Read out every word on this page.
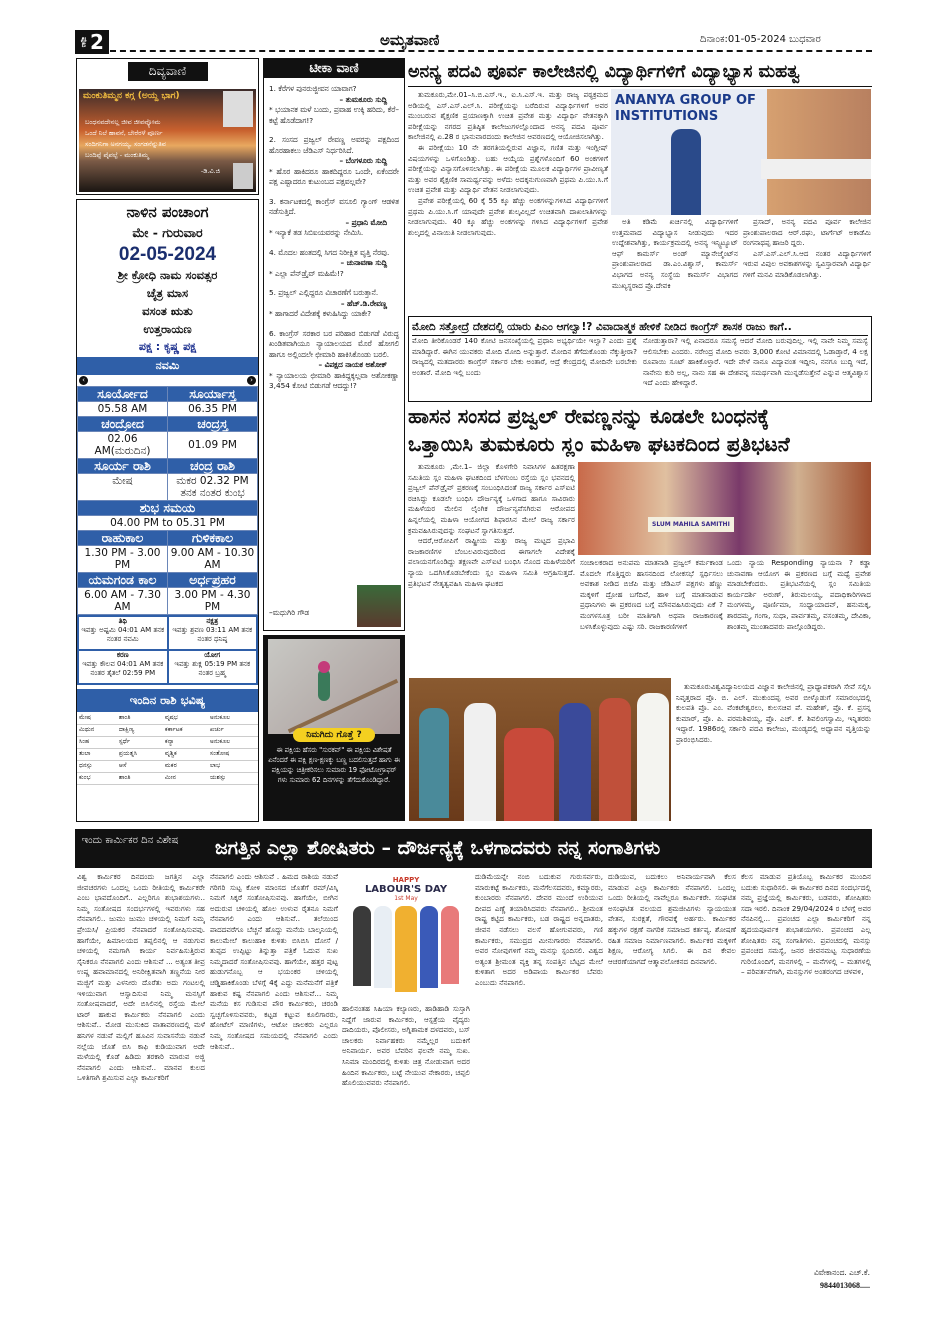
ಪುಟ 2	ಅಮೃತವಾಣಿ	ದಿನಾಂಕ:01-05-2024 ಬುಧವಾರ
ದಿವ್ಯವಾಣಿ
ಮಂಕುತಿಮ್ಮನ ಕಗ್ಗ (ಅಯ್ದ ಭಾಗ)
ಬಂಧನವದೇನಲ್ಲ ಜೀವ ಜೀವವ್ಯೋಮ
ಒಂದೆ ನಿಲೆ ಹಾವನೆ, ಬೇರೆರಳೆ ಪೂರ್ಣ
ಸಂದಿಗನಿಗಾ ಅನಗಯ್ಯ, ಸಂಗಡನೆನ್ನುತಿವ
ಬಂದಿಪ್ಪೆ ಪೈಪಲ್ಪೆ - ಮಂಕುತಿಮ್ಮ
-ಡಿ.ವಿ.ಜಿ
ನಾಳಿನ ಪಂಚಾಂಗ
ಮೇ - ಗುರುವಾರ
02-05-2024
ಶ್ರೀ ಕ್ರೋಧಿ ನಾಮ ಸಂವತ್ಸರ
ಚೈತ್ರ ಮಾಸ
ವಸಂತ ಋತು
ಉತ್ತರಾಯಣ
ಪಕ್ಷ : ಕೃಷ್ಣ ಪಕ್ಷ
ನವಮಿ
‹	›
ಸೂರ್ಯೋದ	ಸೂರ್ಯಾಸ್ತ
05.58 AM	06.35 PM
ಚಂದ್ರೋದ	ಚಂದ್ರಸ್ತ
02.06 AM(ಮರುದಿನ)	01.09 PM
ಸೂರ್ಯ ರಾಶಿ	ಚಂದ್ರ ರಾಶಿ
ಮೇಷ	ಮಕರ 02.32 PM ತನಕ ನಂತರ ಕುಂಭ
ಶುಭ ಸಮಯ	
04.00 PM to 05.31 PM	
ರಾಹುಕಾಲ	ಗುಳಿಕಕಾಲ
1.30 PM - 3.00 PM	9.00 AM - 10.30 AM
ಯಮಗಂಡ ಕಾಲ	ಅರ್ಧಪ್ರಹರ
6.00 AM - 7.30 AM	3.00 PM - 4.30 PM
ತಿಥಿ
ಇವತ್ತು ಅಷ್ಟಮಿ 04:01 AM ತನಕ ನಂತರ ನವಮಿ
ನಕ್ಷತ್ರ
ಇವತ್ತು ಶ್ರವಣ 03:11 AM ತನಕ ನಂತರ ಧನಿಷ್ಠ
ಕರಣ
ಇವತ್ತು ಕೌಲವ 04:01 AM ತನಕ ನಂತರ ತೈತಲೆ 02:59 PM
ಯೋಗ
ಇವತ್ತು ಶುಕ್ಲ 05:19 PM ತನಕ ನಂತರ ಬ್ರಹ್ಮ
ಇಂದಿನ ರಾಶಿ ಭವಿಷ್ಯ
ಮೇಷ	ಶಾಂತಿ	ವೃಷಭ	ಅನುಕೂಲ
ಮಿಥುನ	ದಾಕ್ಷಿಣ್ಯ	ಕರ್ಕಾಟಕ	ಖರ್ಚು
ಸಿಂಹ	ಸ್ಪರ್ಧೆ	ಕನ್ಯಾ	ಅನುಕೂಲ
ತುಲಾ	ಪ್ರಯತ್ನಸಿ	ವೃಶ್ಚಿಕ	ಸಂತೋಷ
ಧನಸ್ಸು	ಆಸೆ	ಮಕರ	ಲಾಭ
ಕುಂಭ	ಶಾಂತಿ	ಮೀನ	ಯಶಸ್ಸು
ಟೀಕಾ ವಾಣಿ
1. ಕೆರೆಗಳ ಪುನರುಜ್ಜೀವನ ಯಾವಾಗ?
– ತುಮಕೂರು ಸುದ್ದಿ
* ಭಯಾನಕ ಮಳೆ ಬಂದು, ಪ್ರವಾಹ ಉಕ್ಕಿ ಹರಿದು, ಕೆರೆ–ಕಟ್ಟೆ ಹೊಡೆದಾಗ!?
2. ಸಂಸದ ಪ್ರಜ್ವಲ್ ರೇವಣ್ಣ ಅವರನ್ನು ಪಕ್ಷದಿಂದ ಹೊರಹಾಕಲು ಜೆಡಿಎಸ್ ನಿರ್ಧರಿಸಿದೆ.
– ಬೆಂಗಳೂರು ಸುದ್ದಿ
* ಹೊರ ಹಾಕಿದರೂ ಹಾಕದಿದ್ದರೂ ಒಂದೇ, ಏಕೆಂದರೇ ಪಕ್ಷ ಎಷ್ಟಾದರೂ ಕುಟುಂಬದ ಪಕ್ಷವಲ್ಲವೇ?
3. ಕರ್ನಾಟಕದಲ್ಲಿ ಕಾಂಗ್ರೆಸ್ ವಸೂಲಿ ಗ್ಯಾಂಗ್ ಆಡಳಿತ ನಡೆಸುತ್ತಿದೆ.
– ಪ್ರಧಾನಿ ಮೋದಿ
* ಇನ್ಯಾಕೆ ತಡ ಸಿಬಿಐಯವರನ್ನು ನೇಮಿಸಿ.
4. ಮೊದಲ ಹಂತದಲ್ಲಿ ಸಿಗದ ನಿರೀಕ್ಷಿತ ವೃತ್ತಿ ನೆರವು.
– ಚುನಾವಣಾ ಸುದ್ದಿ
* ಎಲ್ಲಾ ಪೆನ್‌ಡ್ರೈವ್ ಮಹಿಮೆ!?
5. ಪ್ರಜ್ವಲ್ ಎಲ್ಲಿದ್ದರೂ ವಿಚಾರಣೆಗೆ ಬರುತ್ತಾನೆ.
– ಹೆಚ್.ಡಿ.ರೇವಣ್ಣ
* ಹಾಗಾದರೆ ವಿದೇಶಕ್ಕೆ ಕಳುಹಿಸಿದ್ದು ಯಾಕೇ?
6. ಕಾಂಗ್ರೆಸ್ ಸರಕಾರ ಬರ ಪರಿಹಾರ ಬಿಡುಗಡೆ ವಿರುದ್ಧ ಖಂಡಿತವಾಗಿಯೂ ನ್ಯಾಯಾಲಯದ ಮೊರೆ ಹೋಗಲಿ ಹಾಗೂ ಅಲ್ಲಿಂದಲೇ ಛೀಮಾರಿ ಹಾಕಿಸಿಕೊಂಡು ಬರಲಿ.
– ವಿಪಕ್ಷದ ನಾಯಕ ಅಶೋಕ್
* ನ್ಯಾಯಾಲಯ ಛೀಮಾರಿ ಹಾಕಿದ್ದಕ್ಕಲ್ಲವಾ ಅಶೋಕಣ್ಣಾ 3,454 ಕೋಟಿ ಬಿಡುಗಡೆ ಆದದ್ದು!?
–ಮಧುಗಿರಿ ಗೌಡ
ನಿಮಗಿದು ಗೊತ್ತೆ ?
ಈ ಪಕ್ಷಿಯ ಹೆಸರು "ಸುರಕವ್" ಈ ಪಕ್ಷಿಯ ವಿಶೇಷತೆ ಏನೆಂದರೆ ಈ ಪಕ್ಷಿ ಕ್ಷಣ-ಕ್ಷಣಕ್ಕು ಬಣ್ಣ ಬದಲಿಸುತ್ತದೆ ಹಾಗು ಈ ಪಕ್ಷಿಯನ್ನು ಚಿತ್ರೀಕರಿಸಲು ಸುಮಾರು 19 ಫೋಟೋಗ್ರಾಫರ್ ಗಳು ಸುಮಾರು 62 ದಿನಗಳನ್ನು ತೆಗೆದುಕೊಂಡಿದ್ದಾರೆ.
ಅನನ್ಯ ಪದವಿ ಪೂರ್ವ ಕಾಲೇಜಿನಲ್ಲಿ ವಿದ್ಯಾರ್ಥಿಗಳಿಗೆ ವಿದ್ಯಾಭ್ಯಾಸ ಮಹತ್ವ

ತುಮಕೂರು,ಮೇ.01–ಸಿ.ಬಿ.ಎಸ್.ಇ., ಐ.ಸಿ.ಎಸ್.ಇ. ಮತ್ತು ರಾಜ್ಯ ಪಠ್ಯಕ್ರಮದ ಅಡಿಯಲ್ಲಿ ಎಸ್.ಎಸ್.ಎಲ್.ಸಿ. ಪರೀಕ್ಷೆಯನ್ನು ಬರೆದಿರುವ ವಿದ್ಯಾರ್ಥಿಗಳಿಗೆ ಅವರ ಮುಂಬರುವ ಶೈಕ್ಷಣಿಕ ಪ್ರಯಾಣಕ್ಕಾಗಿ ಉಚಿತ ಪ್ರವೇಶ ಮತ್ತು ವಿದ್ಯಾರ್ಥಿ ವೇತನಕ್ಕಾಗಿ ಪರೀಕ್ಷೆಯನ್ನು ನಗರದ ಪ್ರತಿಷ್ಠಿತ ಕಾಲೇಜುಗಳಲ್ಲೊಂದಾದ ಅನನ್ಯ ಪದವಿ ಪೂರ್ವ ಕಾಲೇಜಿನಲ್ಲಿ ಏ.28 ರ ಭಾನುವಾರದಂದು ಕಾಲೇಜಿನ ಆವರಣದಲ್ಲಿ ಆಯೋಜಿಸಲಾಗಿತ್ತು.

ಈ ಪರೀಕ್ಷೆಯು 10 ನೇ ತರಗತಿಯಲ್ಲಿರುವ ವಿಜ್ಞಾನ, ಗಣಿತ ಮತ್ತು ಇಂಗ್ಲೀಷ್ ವಿಷಯಗಳನ್ನು ಒಳಗೊಂಡಿತ್ತು. ಬಹು ಆಯ್ಕೆಯ ಪ್ರಶ್ನೆಗಳೊಂದಿಗೆ 60 ಅಂಕಗಳಿಗೆ ಪರೀಕ್ಷೆಯನ್ನು ವಿನ್ಯಾಸಗೊಳಿಸಲಾಗಿತ್ತು. ಈ ಪರೀಕ್ಷೆಯ ಮೂಲಕ ವಿದ್ಯಾರ್ಥಿಗಳ ಪ್ರಾವೀಣ್ಯತೆ ಮತ್ತು ಅವರ ಶೈಕ್ಷಣಿಕ ಸಾಮರ್ಥ್ಯವನ್ನು ಅಳೆದು ಅದಕ್ಕನುಗುಣವಾಗಿ ಪ್ರಥಮ ಪಿ.ಯು.ಸಿ.ಗೆ ಉಚಿತ ಪ್ರವೇಶ ಮತ್ತು ವಿದ್ಯಾರ್ಥಿ ವೇತನ ನೀಡಲಾಗುವುದು.

ಪ್ರವೇಶ ಪರೀಕ್ಷೆಯಲ್ಲಿ 60 ಕ್ಕೆ 55 ಕ್ಕೂ ಹೆಚ್ಚು ಅಂಕಗಳನ್ನುಗಳಿಸಿದ ವಿದ್ಯಾರ್ಥಿಗಳಿಗೆ ಪ್ರಥಮ ಪಿ.ಯು.ಸಿ.ಗೆ ಯಾವುದೇ ಪ್ರವೇಶ ಶುಲ್ಕವಿಲ್ಲದೆ ಉಚಿತವಾಗಿ ದಾಖಲಾತಿಗಳನ್ನು ನೀಡಲಾಗುವುದು. 40 ಕ್ಕೂ ಹೆಚ್ಚು ಅಂಕಗಳನ್ನು ಗಳಿಸಿದ ವಿದ್ಯಾರ್ಥಿಗಳಿಗೆ ಪ್ರವೇಶ ಶುಲ್ಕದಲ್ಲಿ ವಿನಾಯಿತಿ ನೀಡಲಾಗುವುದು.

ANANYA GROUP OF INSTITUTIONS

ಅತಿ ಕಡಿಮೆ ಖರ್ಚಿನಲ್ಲಿ ವಿದ್ಯಾರ್ಥಿಗಳಿಗೆ ಉತ್ತಮವಾದ ವಿದ್ಯಾಭ್ಯಾಸ ನೀಡುವುದು ಇದರ ಉದ್ದೇಶವಾಗಿತ್ತು, ಕಾರ್ಯಕ್ರಮದಲ್ಲಿ ಅನನ್ಯ ಇನ್ಸ್ಟಿಟ್ಯೂಟ್ ಆಫ್ ಕಾಮರ್ಸ್ ಅಂಡ್ ಮ್ಯಾನೇಜ್ಮೆಂಟ್‌ನ ಪ್ರಾಂಶುಪಾಲರಾದ ಡಾ.ಎಂ.ವಿಶ್ವಾಸ್, ಕಾಮರ್ಸ್ ವಿಭಾಗದ ಅನನ್ಯ ಸಂಸ್ಥೆಯ ಕಾಮರ್ಸ್ ವಿಭಾಗದ ಮುಖ್ಯಸ್ಥರಾದ ಪ್ರೊ.ದೇವಕಿ

ಪ್ರಸಾದ್, ಅನನ್ಯ ಪದವಿ ಪೂರ್ವ ಕಾಲೇಜಿನ ಪ್ರಾಂಶುಪಾಲರಾದ ಆರ್.ರಘು, ಟಾರ್ಗೆಟ್ ಅಕಾಡೆಮಿ ರಂಗನಾಥಪ್ಪ ಹಾಜರಿ ದ್ದರು.

ಎಸ್.ಎಸ್.ಎಲ್.ಸಿ.ಆದ ನಂತರ ವಿದ್ಯಾರ್ಥಿಗಳಿಗೆ ಇರುವ ವಿಪುಲ ಅವಕಾಶಗಳನ್ನು ಸ್ವವಿಸ್ತಾರವಾಗಿ ವಿದ್ಯಾರ್ಥಿ ಗಳಿಗೆ ಮನವಿ ಮಾಡಿಕೊಡಲಾಗಿತ್ತು.

ಮೋದಿ ಸತ್ತೋದ್ರೆ ದೇಶದಲ್ಲಿ ಯಾರು ಪಿಎಂ ಆಗಲ್ವಾ!? ವಿವಾದಾತ್ಮಕ ಹೇಳಿಕೆ ನೀಡಿದ ಕಾಂಗ್ರೆಸ್ ಶಾಸಕ ರಾಜು ಕಾಗೆ..
ಮೋದಿ ತೀರಿಕೊಂಡರೆ 140 ಕೋಟಿ ಜನಸಂಖ್ಯೆಯಲ್ಲಿ ಪ್ರಧಾನಿ ಅಭ್ಯರ್ಥಿಯೇ ಇಲ್ವಾ? ಎಂದು ಪ್ರಶ್ನೆ ಮಾಡಿದ್ದಾರೆ. ಈಗಿನ ಯುವಕರು ಮೋದಿ ಮೋದಿ ಅನ್ನುತ್ತಾರೆ. ಮೋದಿನ ತೆಗೆದುಕೊಂಡು ನೆಕ್ಕುತ್ತೀರಾ? ರಾಜ್ಯದಲ್ಲಿ ಮತದಾರರು ಕಾಂಗ್ರೆಸ್ ಸರ್ಕಾರ ಬೇಕು ಅಂತಾರೆ, ಆದ್ರೆ ಕೇಂದ್ರದಲ್ಲಿ ಮೋದಿನೇ ಬರಬೇಕು ಅಂತಾರೆ. ಮೋದಿ ಇಲ್ಲಿ ಬಂದು
ನೋಡುತ್ತಾರಾ? ಇಲ್ಲಿ ಏನಾದರೂ ಸಮಸ್ಯೆ ಆದರೆ ಮೋದಿ ಬರುವುದಿಲ್ಲ. ಇಲ್ಲಿ ನಾವೇ ನಿಮ್ಮ ಸಮಸ್ಯೆ ಆಲಿಸಬೇಕು ಎಂದರು. ನರೇಂದ್ರ ಮೋದಿ ಅವರು 3,000 ಕೋಟಿ ವಿಮಾನದಲ್ಲಿ ಓಡಾಡ್ತಾರೆ, 4 ಲಕ್ಷ ರೂಪಾಯಿ ಸೂಟ್ ಹಾಕಿಕೊಳ್ತಾರೆ. ಇದೇ ವೇಳೆ ನಾನೂ ವಿದ್ಯಾವಂತ ಇದ್ದೀನಿ, ನನಗೂ ಬುದ್ಧಿ ಇದೆ, ನಾನೇನು ಕುರಿ ಅಲ್ಲ, ನಾನು ಸಹ ಈ ದೇಶವನ್ನ ಸಮರ್ಥವಾಗಿ ಮುನ್ನಡೆಸುತ್ತೇನೆ ಎನ್ನುವ ಆತ್ಮವಿಶ್ವಾಸ ಇದೆ ಎಂದು ಹೇಳಿದ್ದಾರೆ.
ಹಾಸನ ಸಂಸದ ಪ್ರಜ್ವಲ್ ರೇವಣ್ಣನನ್ನು ಕೂಡಲೇ ಬಂಧನಕ್ಕೆ
ಒತ್ತಾಯಿಸಿ ತುಮಕೂರು ಸ್ಲಂ ಮಹಿಳಾ ಘಟಕದಿಂದ ಪ್ರತಿಭಟನೆ

ತುಮಕೂರು ,ಮೇ.1– ಜಿಲ್ಲಾ ಕೊಳಗೇರಿ ನಿವಾಸಿಗಳ ಹಿತರಕ್ಷಣಾ ಸಮಿತಿಯ ಸ್ಲಂ ಮಹಿಳಾ ಘಟಕದಿಂದ ಬೆಳಗುಂಬ ರಸ್ತೆಯ ಸ್ಲಂ ಭವನದಲ್ಲಿ ಪ್ರಜ್ವಲ್ ಪೆನ್‌ಡ್ರೈವ್ ಪ್ರಕರಣಕ್ಕೆ ಸಂಬಂಧಿಸಿದಂತೆ ರಾಜ್ಯ ಸರ್ಕಾರ ಎಸ್ಐಟಿ ರಚಿಸಿದ್ದು ಕೂಡಲೇ ಬಂಧಿಸಿ ದೌರ್ಜನ್ಯಕ್ಕೆ ಒಳಗಾದ ಹಾಗೂ ಸಾವಿರಾರು ಮಹಿಳೆಯರ ಮೇಲಿನ ಲೈಂಗಿಕ ದೌರ್ಜನ್ಯವೆಸಗಿರುವ ಆರೋಪದ ಹಿನ್ನಲೆಯಲ್ಲಿ ಮಹಿಳಾ ಆಯೋಗದ ಶಿಫಾರಸಿನ ಮೇಲೆ ರಾಜ್ಯ ಸರ್ಕಾರ ಕ್ರಮವಹಿಸಿರುವುದನ್ನು ಸಂಘಟನೆ ಸ್ವಾಗತಿಸುತ್ತದೆ.

ಆದರೆ,ಆರೋಪಿಗೆ ರಾಷ್ಟ್ರೀಯ ಮತ್ತು ರಾಜ್ಯ ಮಟ್ಟದ ಪ್ರಭಾವಿ ರಾಜಕಾರಣಿಗಳ ಬೆಂಬಲವಿರುವುದರಿಂದ ಈಗಾಗಲೇ ವಿದೇಶಕ್ಕೆ ಪಲಾಯನಗೊಂಡಿದ್ದು ತಕ್ಷಣವೇ ಎಸ್ಐಟಿ ಬಂಧಿಸಿ ನೊಂದ ಮಹಿಳೆಯರಿಗೆ ನ್ಯಾಯ ಒದಗಿಸಿಕೊಡಬೇಕೆಂದು ಸ್ಲಂ ಮಹಿಳಾ ಸಮಿತಿ ಆಗ್ರಹಿಸುತ್ತದೆ. ಪ್ರತಿಭಟನೆ ನೇತೃತ್ವವಹಿಸಿ ಮಹಿಳಾ ಘಟಕದ

SLUM MAHILA SAMITHI
ಸಂಚಾಲಕರಾದ ಅನುಪಮ ಮಾತನಾಡಿ ಪ್ರಜ್ವಲ್ ಕರ್ಮಕಾಂಡ ಮೊದಲೇ ಗೊತ್ತಿದ್ದರು ಹಾಸನದಿಂದ ಲೋಕಸಭೆ ಸ್ಪರ್ಧಿಸಲು ಅವಕಾಶ ನೀಡಿದ ಬಿಜೆಪಿ ಮತ್ತು ಜೆಡಿಎಸ್ ಪಕ್ಷಗಳು ಹೆಣ್ಣು ಮಕ್ಕಳಿಗೆ ದ್ರೋಹ ಬಗೆದಿವೆ, ಹಾಳಿ ಬಗ್ಗೆ ಮಾತನಾಡುವ ಪ್ರಧಾನಿಗಳು ಈ ಪ್ರಕರಣದ ಬಗ್ಗೆ ಮೌನವಹಿಸಿರುವುದು ಏಕೆ ? ಮಂಗಳಸೂತ್ರ ಬರೀ ಮಾತಿಗಾಗಿ ಅಥವಾ ರಾಜಕಾರಣಕ್ಕೆ ಬಳಸಿಕೊಳ್ಳುವುದು ಎಷ್ಟು ಸರಿ. ರಾಜಕಾರಣಿಗಳಿಗೆ
ಒಂದು ನ್ಯಾಯ Responding ನ್ಯಾಯನಾ ? ಕಡ್ಡಾ ಚುನಾವಣಾ ಆಯೋಗ ಈ ಪ್ರಕರಣದ ಬಗ್ಗೆ ಮಧ್ಯೆ ಪ್ರವೇಶ ಮಾಡಬೇಕೆಂದರು. ಪ್ರತಿಭಟನೆಯಲ್ಲಿ ಸ್ಲಂ ಸಮಿತಿಯ ಕಾರ್ಯದರ್ಶಿ ಅರುಣ್, ತಿರುಮಲಯ್ಯ, ಪದಾಧಿಕಾರಿಗಳಾದ ಮಂಗಳಮ್ಮ, ಪೂರ್ಣಿಮಾ, ಸಂಧ್ಯಾಯಾದವ್, ಹನುಮಕ್ಕ, ಶಾರದಮ್ಮ, ಗಂಗಾ, ಸುಧಾ, ಪಾರ್ವತಮ್ಮ, ವಸಂತಮ್ಮ, ದೇವಿಕಾ, ಶಾಂತಮ್ಮ ಮುಂತಾದವರು ಪಾಲ್ಗೊಂಡಿದ್ದರು.
ತುಮಕೂರುವಿಶ್ವವಿದ್ಯಾನಿಲಯದ ವಿಜ್ಞಾನ ಕಾಲೇಜಿನಲ್ಲಿ ಪ್ರಾಧ್ಯಾಪಕರಾಗಿ ಸೇವೆ ಸಲ್ಲಿಸಿ ನಿವೃತ್ತರಾದ ಪ್ರೊ. ಬಿ. ಎಲ್. ಮುಕುಂದಪ್ಪ ಅವರ ಬೀಳ್ಕೊಡುಗೆ ಸಮಾರಂಭದಲ್ಲಿ ಕುಲಪತಿ ಪ್ರೊ. ಎಂ. ವೆಂಕಟೇಶ್ವರಲು, ಕುಲಸಚಿವ ಪೆ. ಮಹೇಶ್, ಪ್ರೊ. ಕೆ. ಪ್ರಸನ್ನ ಕುಮಾರ್, ಪ್ರೊ. ಪಿ. ಪರಮಶಿವಯ್ಯ, ಪ್ರೊ. ಎಚ್. ಕೆ. ಶಿವಲಿಂಗಸ್ವಾಮಿ, ಇನ್ನಿತರರು ಇದ್ದಾರೆ. 1986ರಲ್ಲಿ ಸರ್ಕಾರಿ ಪದವಿ ಕಾಲೇಜು, ಮಂಡ್ಯದಲ್ಲಿ ಅಧ್ಯಾಪನ ವೃತ್ತಿಯನ್ನು ಪ್ರಾರಂಭಿಸಿದರು.
ಇಂದು ಕಾರ್ಮಿಕರ ದಿನ ವಿಶೇಷ ಜಗತ್ತಿನ ಎಲ್ಲಾ ಶೋಷಿತರು – ದೌರ್ಜನ್ಯಕ್ಕೆ ಒಳಗಾದವರು ನನ್ನ ಸಂಗಾತಿಗಳು
ವಿಶ್ವ ಕಾರ್ಮಿಕರ ದಿನದಂದು ಜಗತ್ತಿನ ಎಲ್ಲಾ ಜೀವಚರಗಳು ಒಂದಲ್ಲ ಒಂದು ರೀತಿಯಲ್ಲಿ ಕಾರ್ಮಿಕರೇ ಎಂಬ ಭಾವದೊಂದಿಗೆ.. ಎಲ್ಲರಿಗೂ ಶುಭಾಶಯಗಳು.. ನಿಮ್ಮ ಸಂತೋಷದ ಸಂದರ್ಭಗಳಲ್ಲಿ ಇವರುಗಳು ಸಹ ನೆನಪಾಗಲಿ.. ಜುಮು ಜುಮು ಚಳಿಯಲ್ಲಿ ನಿಮಗೆ ನಿಮ್ಮ ಪ್ರೇಯಸಿ/ ಪ್ರಿಯಕರ ನೆನಪಾದರೆ ಸಂತೋಷಿಸುವವು. ಹಾಗೆಯೇ, ಹಿಮಾಲಯದ ತಪ್ಪಲಿನಲ್ಲಿ ಆ ನಡುಗುವ ಚಳಿಯಲ್ಲಿ ನಮಗಾಗಿ ಕಾರ್ಯ ನಿರ್ವಹಿಸುತ್ತಿರುವ ಸೈನಿಕರೂ ನೆನಪಾಗಲಿ ಎಂದು ಆಶಿಸುವೆ ... ಅತ್ಯಂತ ತೀವ್ರ ಉಷ್ಣ ಹವಾಮಾನದಲ್ಲಿ ಅನಿರೀಕ್ಷಿತವಾಗಿ ತಣ್ಣನೆಯ ನೀರ ಮಜ್ಜಿಗೆ ಮತ್ತು ಎಳನೀರು ದೊರೆತು ಅದು ಗಂಟಲಲ್ಲಿ ಇಳಿಯುವಾಗ ಆಸ್ವಾದಿಸುವ ನಿಮ್ಮ ಮನಸ್ಸಿಗೆ ಸಂತೋಷವಾದರೆ, ಅದೇ ಬಿಸಿಲಿನಲ್ಲಿ ರಸ್ತೆಯ ಮೇಲೆ ಟಾರ್ ಹಾಕುವ ಕಾರ್ಮಿಕರು ನೆನಪಾಗಲಿ ಎಂದು ಆಶಿಸುವೆ.. ಮೋಡ ಮುಸುಕಿದ ವಾತಾವರಣದಲ್ಲಿ ಮಳೆ ಹನಿಗಳ ನಡುವೆ ಮಲ್ಲಿಗೆ ಹೂವಿನ ಸುವಾಸನೆಯ ನಡುವೆ ನಲ್ಲೆಯ ಜೊತೆ ಬಿಸಿ ಕಾಫಿ ಕುಡಿಯುವಾಗ ಅದೇ ಮಳೆಯಲ್ಲಿ ಕೊಡೆ ಹಿಡಿದು ತರಕಾರಿ ಮಾರುವ ಅಜ್ಜಿ ನೆನಪಾಗಲಿ ಎಂದು ಆಶಿಸುವೆ.. ಮಾನವ ಕುಲದ ಒಳಿತಿಗಾಗಿ ಶ್ರಮಿಸುವ ಎಲ್ಲಾ ಕಾರ್ಮಿಕರಿಗೆ
ನೆನಪಾಗಲಿ ಎಂದು ಆಶಿಸುವೆ . ಹಿಮದ ರಾಶಿಯ ನಡುವೆ ಗರಿಗರಿ ಸುಟ್ಟ ಕೋಳಿ ಮಾಂಸದ ಜೊತೆಗೆ ರಮ್/ವಿಸ್ಕಿ ನಿಮಗೆ ಸಿಕ್ಕರೆ ಸಂತೋಷಿಸುವವು. ಹಾಗೆಯೇ, ಬೀಗಿನ ಅದುರುವ ಚಳಿಯಲ್ಲಿ ಹೊಲ ಉಳುವ ರೈತನೂ ನಿಮಗೆ ನೆನಪಾಗಲಿ ಎಂದು ಆಶಿಸುವೆ.. ತಲೆಯಿಂದ ಪಾದದವರೆಗೂ ಬೆಚ್ಚನೆ ಹೊದ್ದು ಮನೆಯ ಬಾಲ್ಕನಿಯಲ್ಲಿ ಕಾಲುಮೇಲೆ ಕಾಲುಹಾಕಿ ಕುಳಿತು ಬಿಸಿಬಿಸಿ ದೋಸೆ / ತುಪ್ಪದ ಉಪ್ಪಿಟ್ಟು ತಿನ್ನುತ್ತಾ ಪತ್ರಿಕೆ ಓದುವ ಸುಖ ನಿಮ್ಮದಾದರೆ ಸಂತೋಷಿಸುವವು. ಹಾಗೆಯೇ, ಹತ್ತರ ಪುಟ್ಟ ಹುಡುಗನೊಬ್ಬ ಆ ಭಯಂಕರ ಚಳಿಯಲ್ಲಿ ಚಡ್ಡಿಹಾಕಿಕೊಂಡು ಬೆಳಗ್ಗೆ 4ಕ್ಕೆ ಎದ್ದು ಮನೆಮನೆಗೆ ಪತ್ರಿಕೆ ಹಾಕುವ ಕಷ್ಟ ನೆನಪಾಗಲಿ ಎಂದು ಆಶಿಸುವೆ... ನಿಮ್ಮ ಮನೆಯ ಕಸ ಗುಡಿಸುವ ಪೌರ ಕಾರ್ಮಿಕರು, ಚರಂಡಿ ಸ್ವಚ್ಛಗೊಳಿಸುವವರು, ಕಟ್ಟಡ ಕಟ್ಟುವ ಕೂಲಿಗಾರರು, ಹೋಟೆಲ್ ಮಾಣಿಗಳು, ಆಟೋ ಚಾಲಕರು ಎಲ್ಲರೂ ನಿಮ್ಮ ಸಂತೋಷದ ಸಮಯದಲ್ಲಿ ನೆನಪಾಗಲಿ ಎಂದು ಆಶಿಸುವೆ..
HAPPY
LABOUR'S DAY
1st May
ಹಾಲಿನಂತಹ ಸಿಹಿಯಾ ಕಲ್ಯಾಣರು, ಹಾಡಿಹಾಡಿ ಸುಸ್ತಾಗಿ ನಿದ್ದೆಗೆ ಜಾರುವ ಕಾರ್ಮಿಕರು, ಆಸ್ಪತ್ರೆಯ ವೈದ್ಯರು ದಾದಿಯರು, ಪೊಲೀಸರು, ಅಗ್ನಿಶಾಮಕ ದಳದವರು, ಬಸ್ ಚಾಲಕರು ನಿರ್ವಾಹಕರು ನಮ್ಮೆಲ್ಲರ ಬದುಕಿಗೆ ಅನಿವಾರ್ಯ. ಅವರ ಬೆವರಿನ ಫಲವೇ ನಮ್ಮ ಸುಖ. ಸಿನಿಮಾ ಮಂದಿರದಲ್ಲಿ ಕುಳಿತು ಚಿತ್ರ ನೋಡುವಾಗ ಅದರ ಹಿಂದಿನ ಕಾರ್ಮಿಕರು, ಬಟ್ಟೆ ನೇಯುವ ನೇಕಾರರು, ಚಪ್ಪಲಿ ಹೊಲಿಯುವವರು ನೆನಪಾಗಲಿ.
ದುಡಿಮೆಯನ್ನೇ ನಂಬಿ ಬದುಕುವ ಗುರುಸರ್ವರು, ಮಾರುಕಟ್ಟೆ ಕಾರ್ಮಿಕರು, ಮನೆಗೆಲಸದವರು, ಕಮ್ಮಾರರು, ಕುಂಬಾರರು ನೆನಪಾಗಲಿ. ದೇವರ ಮುಂದೆ ಉರಿಯುವ ದೀಪದ ಎಣ್ಣೆ ತಯಾರಿಸಿದವರು ನೆನಪಾಗಲಿ.. ಶ್ರೀಮಂತ ರಾಷ್ಟ್ರ ಕಟ್ಟಿದ ಕಾರ್ಮಿಕರು, ಬಡ ರಾಷ್ಟ್ರದ ಅನ್ನದಾತರು, ಜೀವನ ನಡೆಸಲು ವಲಸೆ ಹೋಗುವವರು, ಗಣಿ ಕಾರ್ಮಿಕರು, ಸಮುದ್ರದ ಮೀನುಗಾರರು ನೆನಪಾಗಲಿ. ಅವರ ನೋವುಗಳಿಗೆ ನಮ್ಮ ಮನಸ್ಸು ಸ್ಪಂದಿಸಲಿ. ವಿಶ್ವದ ಅತ್ಯಂತ ಶ್ರೀಮಂತ ವ್ಯಕ್ತಿ ತನ್ನ ಸಂಪತ್ತಿನ ಬೆಟ್ಟದ ಮೇಲೆ ಕುಳಿತಾಗ ಅದರ ಅಡಿಪಾಯ ಕಾರ್ಮಿಕರ ಬೆವರು ಎಂಬುದು ನೆನಪಾಗಲಿ.
ದುಡಿಯುವ, ಬದುಕಲು ಅನಿವಾರ್ಯವಾಗಿ ಕೆಲಸ ಮಾಡುವ ಎಲ್ಲಾ ಕಾರ್ಮಿಕರು ನೆನಪಾಗಲಿ. ಒಂದಲ್ಲ ಒಂದು ರೀತಿಯಲ್ಲಿ ನಾವೆಲ್ಲರೂ ಕಾರ್ಮಿಕರೇ. ಸಂಘಟಿತ ಅಸಂಘಟಿತ ವಲಯದ ಶ್ರಮಜೀವಿಗಳು ನ್ಯಾಯಯುತ ವೇತನ, ಸುರಕ್ಷತೆ, ಗೌರವಕ್ಕೆ ಅರ್ಹರು. ಕಾರ್ಮಿಕರ ಹಕ್ಕುಗಳ ರಕ್ಷಣೆ ನಾಗರಿಕ ಸಮಾಜದ ಕರ್ತವ್ಯ. ಶೋಷಣೆ ರಹಿತ ಸಮಾಜ ನಿರ್ಮಾಣವಾಗಲಿ. ಕಾರ್ಮಿಕರ ಮಕ್ಕಳಿಗೆ ಶಿಕ್ಷಣ, ಆರೋಗ್ಯ ಸಿಗಲಿ. ಈ ದಿನ ಕೇವಲ ಆಚರಣೆಯಾಗದೆ ಆತ್ಮಾವಲೋಕನದ ದಿನವಾಗಲಿ.
ಕೆಲಸ ಮಾಡುವ ಪ್ರತಿಯೊಬ್ಬ ಕಾರ್ಮಿಕರ ಮುಂದಿನ ಬದುಕು ಸುಧಾರಿಸಲಿ. ಈ ಕಾರ್ಮಿಕರ ದಿನದ ಸಂದರ್ಭದಲ್ಲಿ ನಮ್ಮ ಪ್ರಜ್ಞೆಯಲ್ಲಿ ಕಾರ್ಮಿಕರು, ಬಡವರು, ಶೋಷಿತರು ಸದಾ ಇರಲಿ. ದಿನಾಂಕ 29/04/2024 ರ ಬೆಳಗ್ಗೆ ಅವರ ನೆನಪಿನಲ್ಲಿ... ಪ್ರಪಂಚದ ಎಲ್ಲಾ ಕಾರ್ಮಿಕರಿಗೆ ನನ್ನ ಹೃದಯಪೂರ್ವಕ ಶುಭಾಶಯಗಳು. ಪ್ರಪಂಚದ ಎಲ್ಲ ಶೋಷಿತರು ನನ್ನ ಸಂಗಾತಿಗಳು. ಪ್ರಪಂಚದಲ್ಲಿ ಮನಸ್ಸು ಪ್ರಪಂಚದ ಸಮಸ್ಯೆ, ಜನರ ಜೀವನಮಟ್ಟ ಸುಧಾರಣೆಯ ಗುರಿಯೊಂದಿಗೆ, ಮನಗಳಲ್ಲಿ – ಮನೆಗಳಲ್ಲಿ – ಮತಗಳಲ್ಲಿ – ಪರಿವರ್ತನೆಗಾಗಿ, ಮನಸ್ಸುಗಳ ಅಂತರಂಗದ ಚಳವಳಿ,
ವಿವೇಕಾನಂದ. ಎಚ್.ಕೆ.
9844013068.....
